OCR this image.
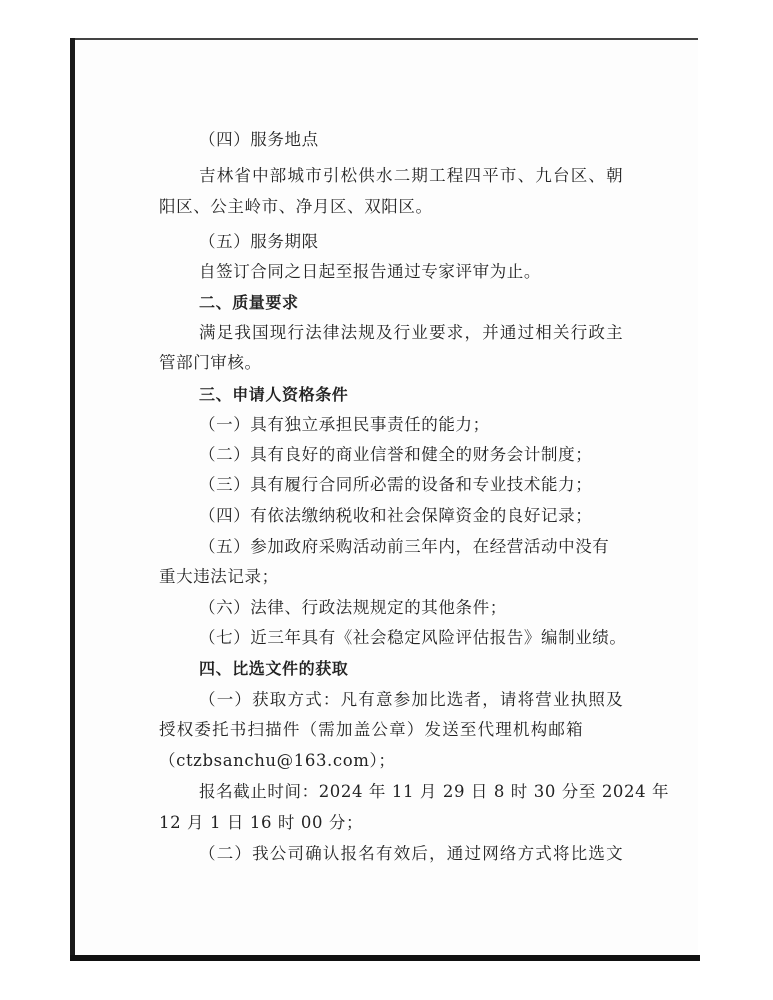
（四）服务地点
吉林省中部城市引松供水二期工程四平市、九台区、朝
阳区、公主岭市、净月区、双阳区。
（五）服务期限
自签订合同之日起至报告通过专家评审为止。
二、质量要求
满足我国现行法律法规及行业要求，并通过相关行政主
管部门审核。
三、申请人资格条件
（一）具有独立承担民事责任的能力；
（二）具有良好的商业信誉和健全的财务会计制度；
（三）具有履行合同所必需的设备和专业技术能力；
（四）有依法缴纳税收和社会保障资金的良好记录；
（五）参加政府采购活动前三年内，在经营活动中没有
重大违法记录；
（六）法律、行政法规规定的其他条件；
（七）近三年具有《社会稳定风险评估报告》编制业绩。
四、比选文件的获取
（一）获取方式：凡有意参加比选者，请将营业执照及
授权委托书扫描件（需加盖公章）发送至代理机构邮箱
（ctzbsanchu@163.com）；
报名截止时间：2024 年 11 月 29 日 8 时 30 分至 2024 年
12 月 1 日 16 时 00 分；
（二）我公司确认报名有效后，通过网络方式将比选文
